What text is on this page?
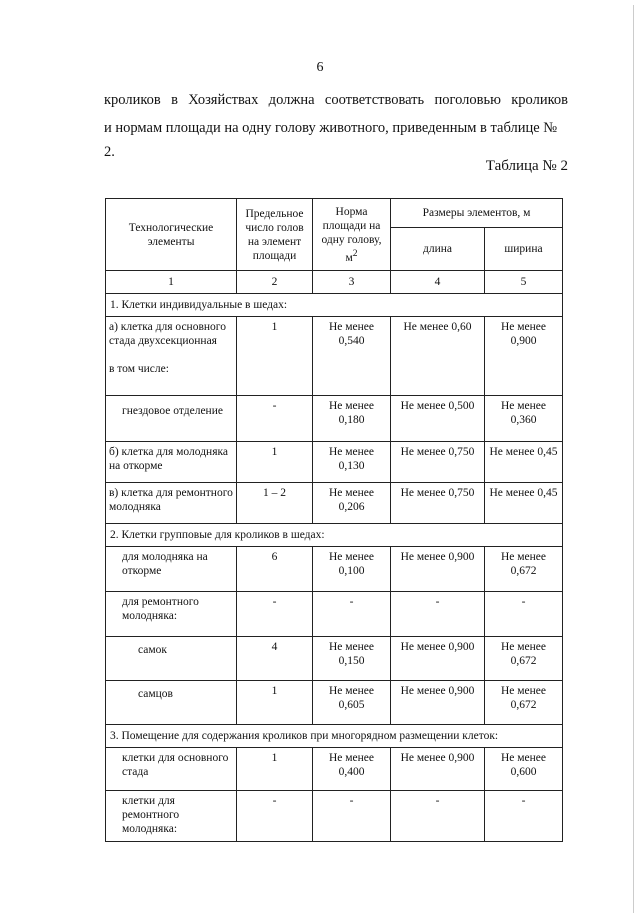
6
кроликов в Хозяйствах должна соответствовать поголовью кроликов
и нормам площади на одну голову животного, приведенным в таблице № 2.
Таблица № 2
Технологические элементы	Предельное число голов на элемент площади	Норма площади на одну голову, $м^2$	Размеры элементов, м	
			длина	ширина
1	2	3	4	5
1. Клетки индивидуальные в шедах:				

а) клетка для основного стада двухсекционная
в том числе:	1	Не менее 0,540	Не менее 0,60	Не менее 0,900
гнездовое отделение	-	Не менее 0,180	Не менее 0,500	Не менее 0,360
б) клетка для молодняка на откорме	1	Не менее 0,130	Не менее 0,750	Не менее 0,45
в) клетка для ремонтного молодняка	1 – 2	Не менее 0,206	Не менее 0,750	Не менее 0,45
2. Клетки групповые для кроликов в шедах:				
для молодняка на откорме	6	Не менее 0,100	Не менее 0,900	Не менее 0,672
для ремонтного молодняка:	-	-	-	-
самок	4	Не менее 0,150	Не менее 0,900	Не менее 0,672
самцов	1	Не менее 0,605	Не менее 0,900	Не менее 0,672
3. Помещение для содержания кроликов при многорядном размещении клеток:				
клетки для основного стада	1	Не менее 0,400	Не менее 0,900	Не менее 0,600
клетки для ремонтного молодняка:	-	-	-	-
